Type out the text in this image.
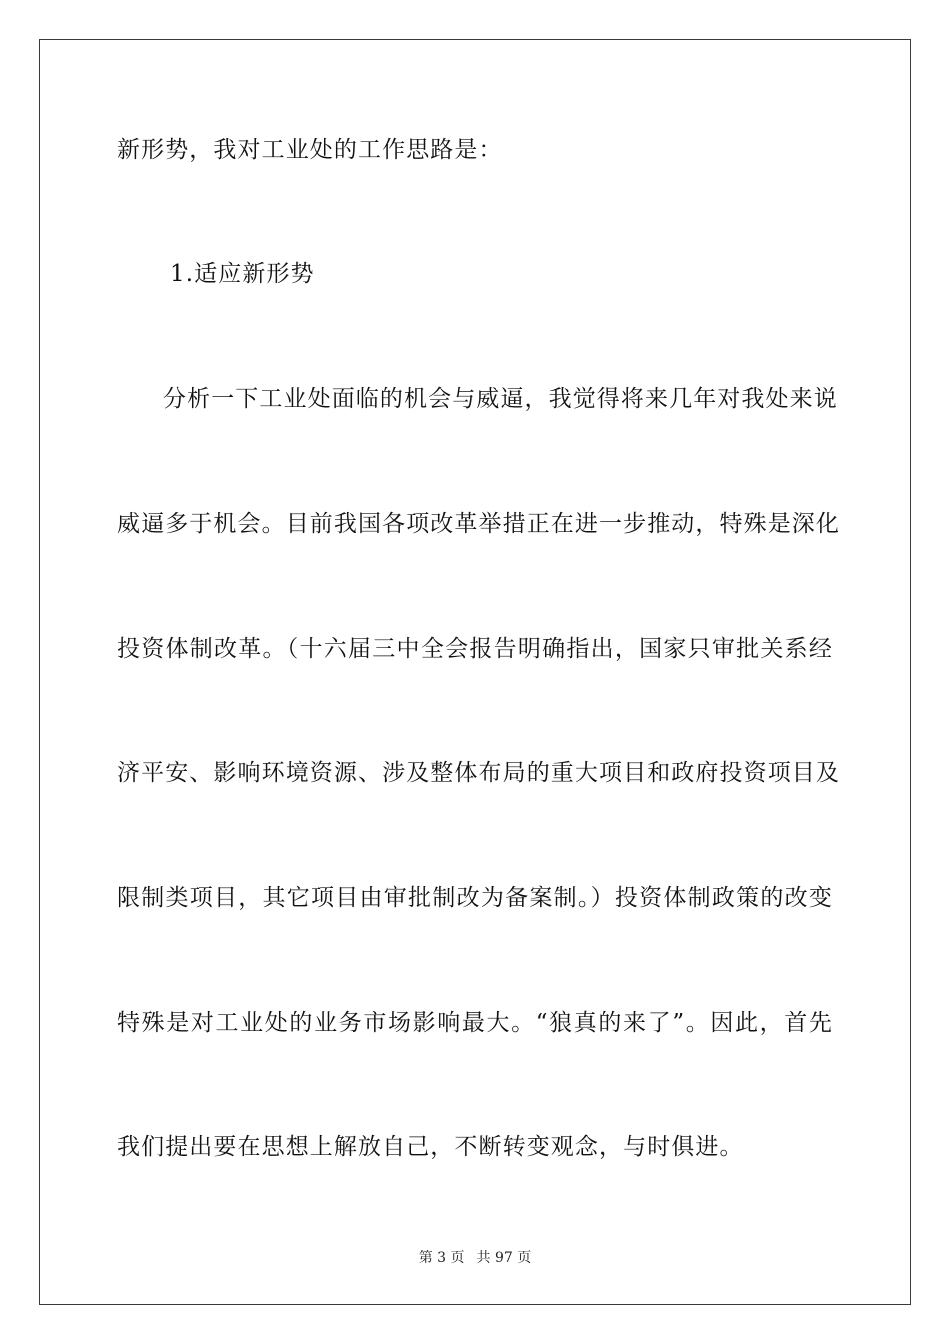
新形势，我对工业处的工作思路是：
1.适应新形势
分析一下工业处面临的机会与威逼，我觉得将来几年对我处来说
威逼多于机会。目前我国各项改革举措正在进一步推动，特殊是深化
投资体制改革。（十六届三中全会报告明确指出，国家只审批关系经
济平安、影响环境资源、涉及整体布局的重大项目和政府投资项目及
限制类项目，其它项目由审批制改为备案制。）投资体制政策的改变
特殊是对工业处的业务市场影响最大。“狼真的来了”。因此，首先
我们提出要在思想上解放自己，不断转变观念，与时俱进。
第 3 页 共 97 页
